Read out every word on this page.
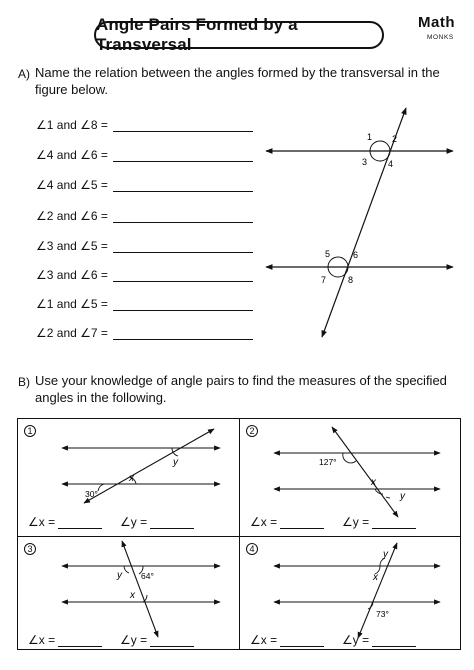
Angle Pairs Formed by a Transversal
Math
MONKS
A) Name the relation between the angles formed by the transversal in the figure below.
∠1 and ∠8 =
∠4 and ∠6 =
∠4 and ∠5 =
∠2 and ∠6 =
∠3 and ∠5 =
∠3 and ∠6 =
∠1 and ∠5 =
∠2 and ∠7 =
1 2
3 4
5	6
7 8
B) Use your knowledge of angle pairs to find the measures of the specified angles in the following.
1
y
x
30°
∠x =	∠y =
2
127°
x
y
∠x =	∠y =
3
64°
y
x
∠x =	∠y =
4	y
x
73°
∠x =	∠y =
